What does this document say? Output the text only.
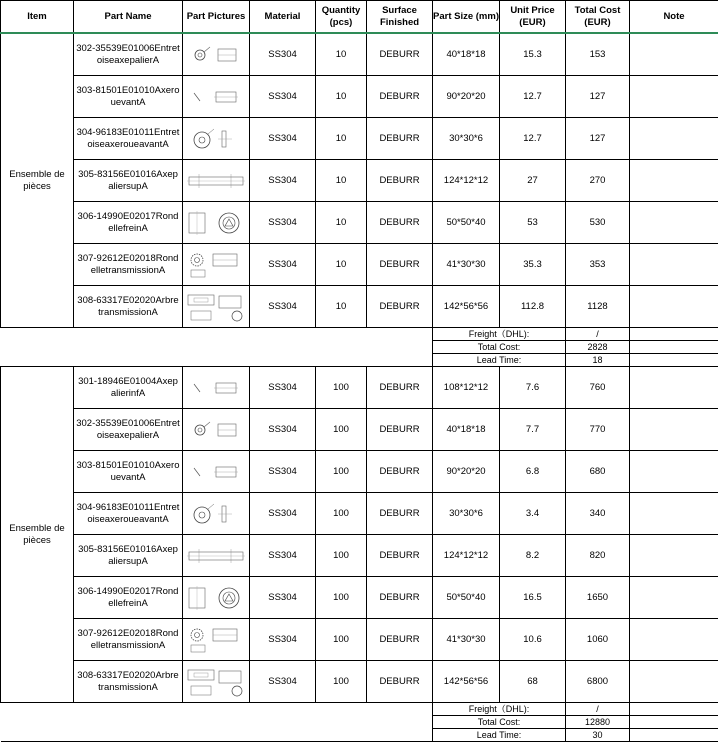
Item	Part Name	Part Pictures	Material	Quantity (pcs)	Surface Finished	Part Size (mm)	Unit Price (EUR)	Total Cost (EUR)	Note
Ensemble de pièces	302-35539E01006EntretoiseaxepalierA		SS304	10	DEBURR	40*18*18	15.3	153	

	303-81501E01010AxerouevantA		SS304	10	DEBURR	90*20*20	12.7	127	

	304-96183E01011EntretoiseaxeroueavantA		SS304	10	DEBURR	30*30*6	12.7	127	

	305-83156E01016AxepaliersupA		SS304	10	DEBURR	124*12*12	27	270	

	306-14990E02017RondellefreinA		SS304	10	DEBURR	50*50*40	53	530	

	307-92612E02018RondelletransmissionA		SS304	10	DEBURR	41*30*30	35.3	353	

	308-63317E02020ArbretransmissionA		SS304	10	DEBURR	142*56*56	112.8	1128	
						Freight（DHL):		/	
						Total Cost:		2828	
						Lead Time:		18	
Ensemble de pièces	301-18946E01004AxepalierinfA		SS304	100	DEBURR	108*12*12	7.6	760	

	302-35539E01006EntretoiseaxepalierA		SS304	100	DEBURR	40*18*18	7.7	770	

	303-81501E01010AxerouevantA		SS304	100	DEBURR	90*20*20	6.8	680	

	304-96183E01011EntretoiseaxeroueavantA		SS304	100	DEBURR	30*30*6	3.4	340	

	305-83156E01016AxepaliersupA		SS304	100	DEBURR	124*12*12	8.2	820	

	306-14990E02017RondellefreinA		SS304	100	DEBURR	50*50*40	16.5	1650	

	307-92612E02018RondelletransmissionA		SS304	100	DEBURR	41*30*30	10.6	1060	

	308-63317E02020ArbretransmissionA		SS304	100	DEBURR	142*56*56	68	6800	
						Freight（DHL):		/	
						Total Cost:		12880	
						Lead Time:		30	
